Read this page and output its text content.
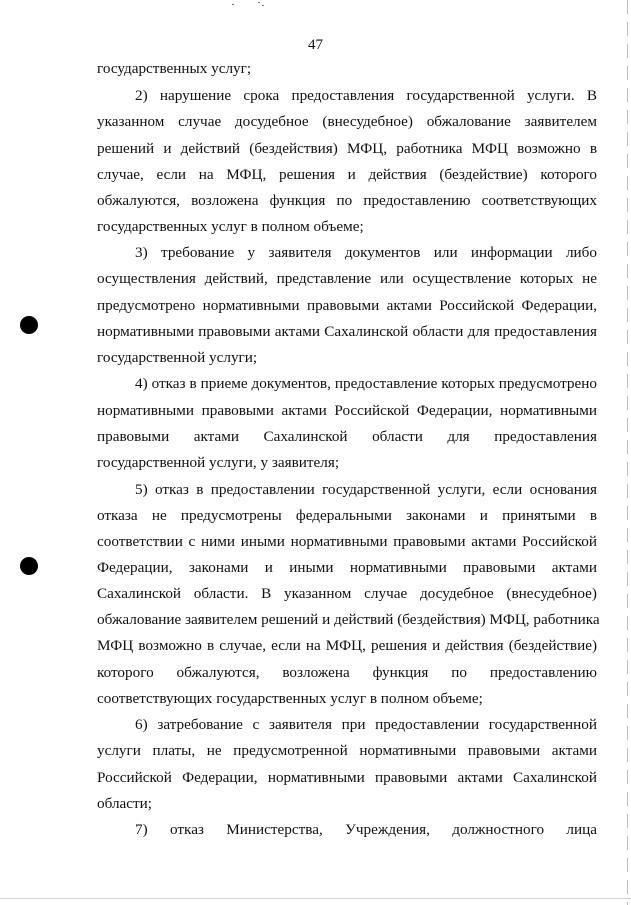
47
государственных услуг;
2) нарушение срока предоставления государственной услуги. В
указанном случае досудебное (внесудебное) обжалование заявителем
решений и действий (бездействия) МФЦ, работника МФЦ возможно в
случае, если на МФЦ, решения и действия (бездействие) которого
обжалуются, возложена функция по предоставлению соответствующих
государственных услуг в полном объеме;
3) требование у заявителя документов или информации либо
осуществления действий, представление или осуществление которых не
предусмотрено нормативными правовыми актами Российской Федерации,
нормативными правовыми актами Сахалинской области для предоставления
государственной услуги;
4) отказ в приеме документов, предоставление которых предусмотрено
нормативными правовыми актами Российской Федерации, нормативными
правовыми актами Сахалинской области для предоставления
государственной услуги, у заявителя;
5) отказ в предоставлении государственной услуги, если основания
отказа не предусмотрены федеральными законами и принятыми в
соответствии с ними иными нормативными правовыми актами Российской
Федерации, законами и иными нормативными правовыми актами
Сахалинской области. В указанном случае досудебное (внесудебное)
обжалование заявителем решений и действий (бездействия) МФЦ, работника
МФЦ возможно в случае, если на МФЦ, решения и действия (бездействие)
которого обжалуются, возложена функция по предоставлению
соответствующих государственных услуг в полном объеме;
6) затребование с заявителя при предоставлении государственной
услуги платы, не предусмотренной нормативными правовыми актами
Российской Федерации, нормативными правовыми актами Сахалинской
области;
7) отказ Министерства, Учреждения, должностного лица
